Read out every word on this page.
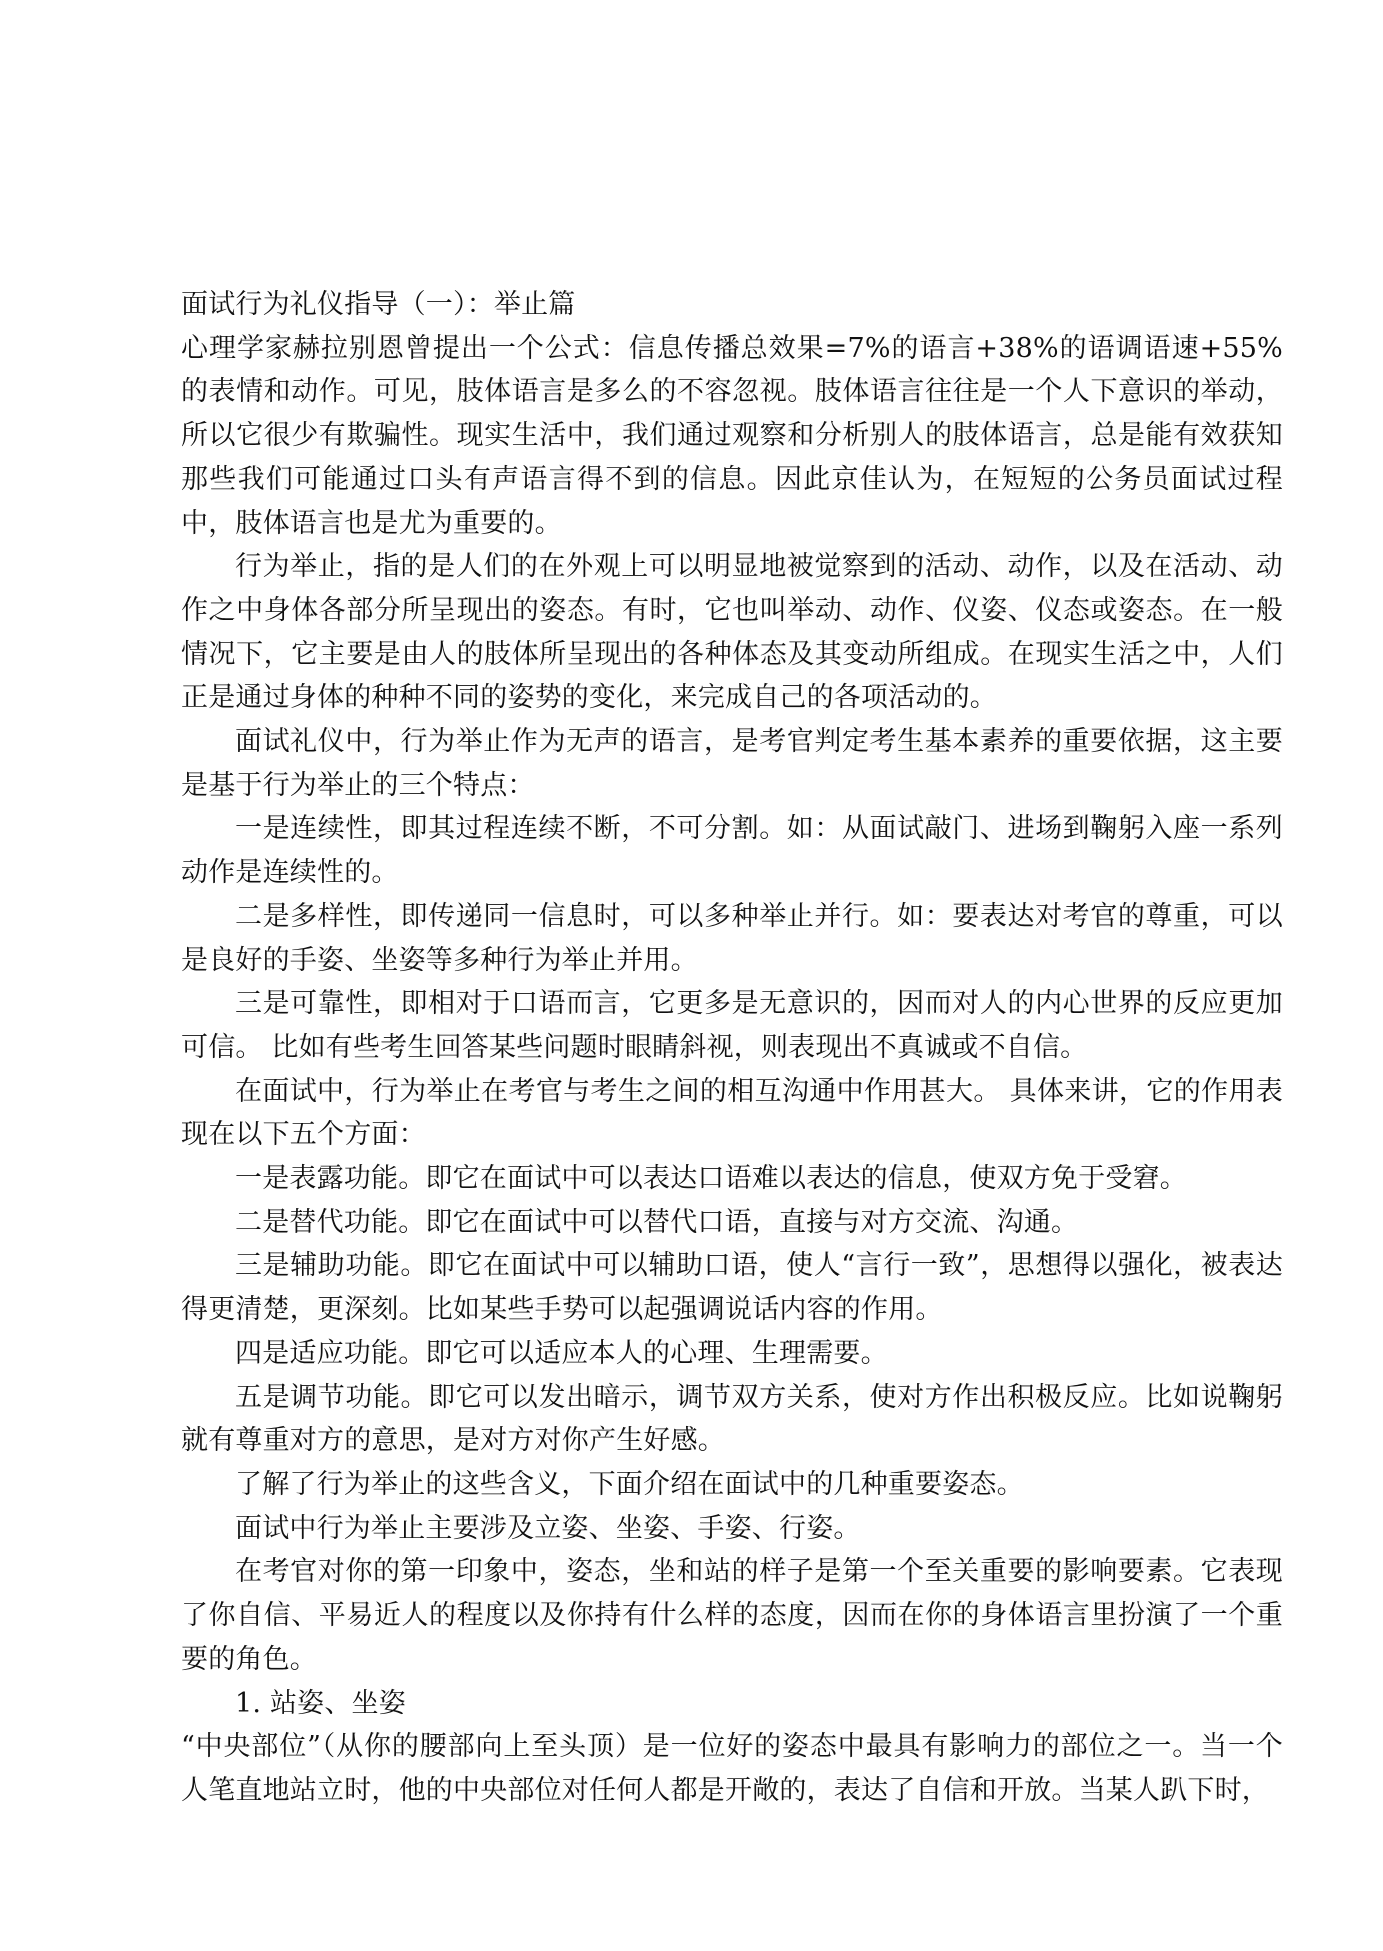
面试行为礼仪指导（一）：举止篇

心理学家赫拉别恩曾提出一个公式：信息传播总效果=7%的语言+38%的语调语速+55%的表情和动作。可见，肢体语言是多么的不容忽视。肢体语言往往是一个人下意识的举动，所以它很少有欺骗性。现实生活中，我们通过观察和分析别人的肢体语言，总是能有效获知那些我们可能通过口头有声语言得不到的信息。因此京佳认为，在短短的公务员面试过程中，肢体语言也是尤为重要的。

行为举止，指的是人们的在外观上可以明显地被觉察到的活动、动作，以及在活动、动作之中身体各部分所呈现出的姿态。有时，它也叫举动、动作、仪姿、仪态或姿态。在一般情况下，它主要是由人的肢体所呈现出的各种体态及其变动所组成。在现实生活之中，人们正是通过身体的种种不同的姿势的变化，来完成自己的各项活动的。

面试礼仪中，行为举止作为无声的语言，是考官判定考生基本素养的重要依据，这主要是基于行为举止的三个特点：

一是连续性，即其过程连续不断，不可分割。如：从面试敲门、进场到鞠躬入座一系列动作是连续性的。

二是多样性，即传递同一信息时，可以多种举止并行。如：要表达对考官的尊重，可以是良好的手姿、坐姿等多种行为举止并用。

三是可靠性，即相对于口语而言，它更多是无意识的，因而对人的内心世界的反应更加可信。 比如有些考生回答某些问题时眼睛斜视，则表现出不真诚或不自信。

在面试中，行为举止在考官与考生之间的相互沟通中作用甚大。 具体来讲，它的作用表现在以下五个方面：

一是表露功能。即它在面试中可以表达口语难以表达的信息，使双方免于受窘。

二是替代功能。即它在面试中可以替代口语，直接与对方交流、沟通。

三是辅助功能。即它在面试中可以辅助口语，使人“言行一致”，思想得以强化，被表达得更清楚，更深刻。比如某些手势可以起强调说话内容的作用。

四是适应功能。即它可以适应本人的心理、生理需要。

五是调节功能。即它可以发出暗示，调节双方关系，使对方作出积极反应。比如说鞠躬就有尊重对方的意思，是对方对你产生好感。

了解了行为举止的这些含义，下面介绍在面试中的几种重要姿态。

面试中行为举止主要涉及立姿、坐姿、手姿、行姿。

在考官对你的第一印象中，姿态，坐和站的样子是第一个至关重要的影响要素。它表现了你自信、平易近人的程度以及你持有什么样的态度，因而在你的身体语言里扮演了一个重要的角色。

1. 站姿、坐姿

“中央部位”（从你的腰部向上至头顶）是一位好的姿态中最具有影响力的部位之一。当一个人笔直地站立时，他的中央部位对任何人都是开敞的，表达了自信和开放。当某人趴下时，
